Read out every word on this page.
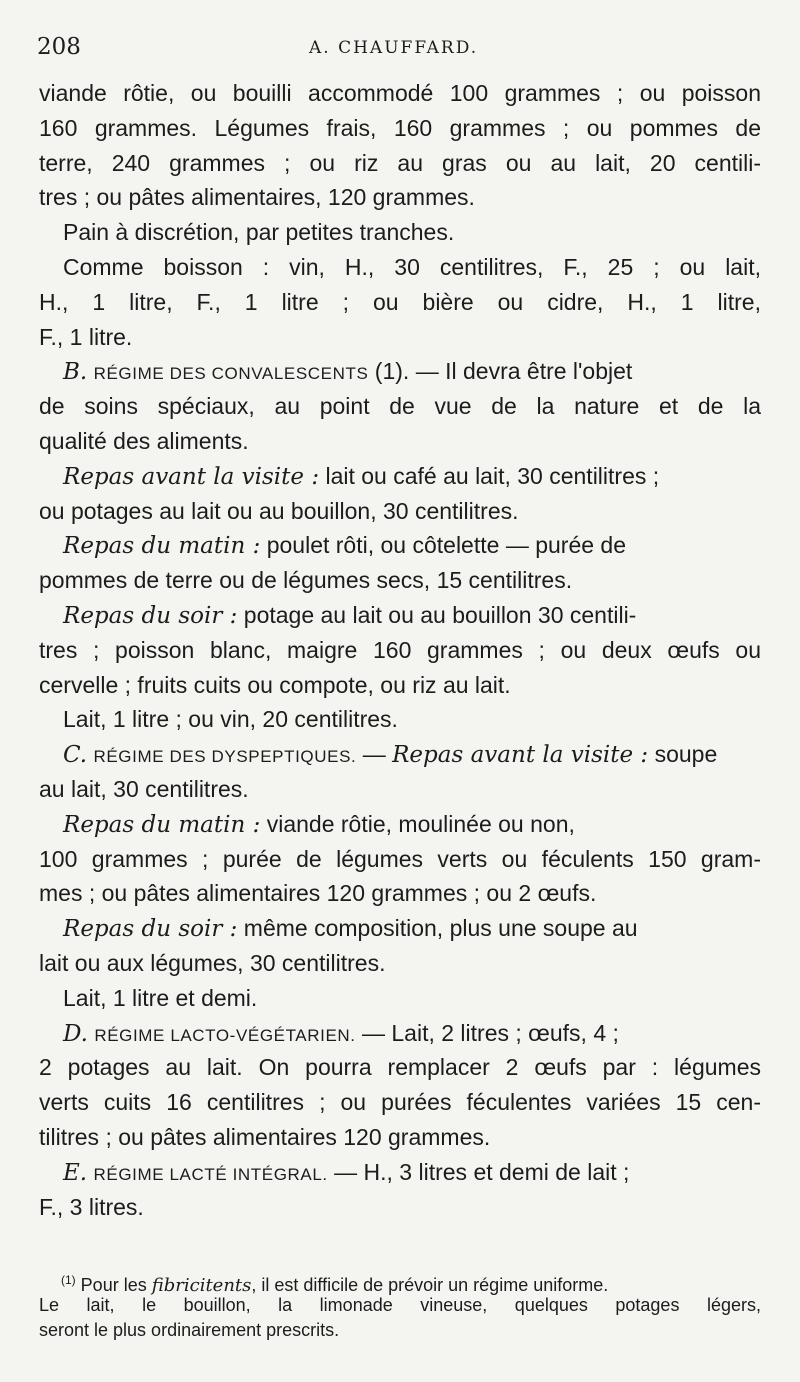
208	A. CHAUFFARD.
viande rôtie, ou bouilli accommodé 100 grammes ; ou poisson
160 grammes. Légumes frais, 160 grammes ; ou pommes de
terre, 240 grammes ; ou riz au gras ou au lait, 20 centili-
tres ; ou pâtes alimentaires, 120 grammes.
Pain à discrétion, par petites tranches.
Comme boisson : vin, H., 30 centilitres, F., 25 ; ou lait,
H., 1 litre, F., 1 litre ; ou bière ou cidre, H., 1 litre,
F., 1 litre.
B. RÉGIME DES CONVALESCENTS (1). — Il devra être l'objet
de soins spéciaux, au point de vue de la nature et de la
qualité des aliments.
Repas avant la visite : lait ou café au lait, 30 centilitres ;
ou potages au lait ou au bouillon, 30 centilitres.
Repas du matin : poulet rôti, ou côtelette — purée de
pommes de terre ou de légumes secs, 15 centilitres.
Repas du soir : potage au lait ou au bouillon 30 centili-
tres ; poisson blanc, maigre 160 grammes ; ou deux œufs ou
cervelle ; fruits cuits ou compote, ou riz au lait.
Lait, 1 litre ; ou vin, 20 centilitres.
C. RÉGIME DES DYSPEPTIQUES. — Repas avant la visite : soupe
au lait, 30 centilitres.
Repas du matin : viande rôtie, moulinée ou non,
100 grammes ; purée de légumes verts ou féculents 150 gram-
mes ; ou pâtes alimentaires 120 grammes ; ou 2 œufs.
Repas du soir : même composition, plus une soupe au
lait ou aux légumes, 30 centilitres.
Lait, 1 litre et demi.
D. RÉGIME LACTO-VÉGÉTARIEN. — Lait, 2 litres ; œufs, 4 ;
2 potages au lait. On pourra remplacer 2 œufs par : légumes
verts cuits 16 centilitres ; ou purées féculentes variées 15 cen-
tilitres ; ou pâtes alimentaires 120 grammes.
E. RÉGIME LACTÉ INTÉGRAL. — H., 3 litres et demi de lait ;
F., 3 litres.
$^{(1)}$ Pour les fibricitents, il est difficile de prévoir un régime uniforme.
Le lait, le bouillon, la limonade vineuse, quelques potages légers,
seront le plus ordinairement prescrits.
